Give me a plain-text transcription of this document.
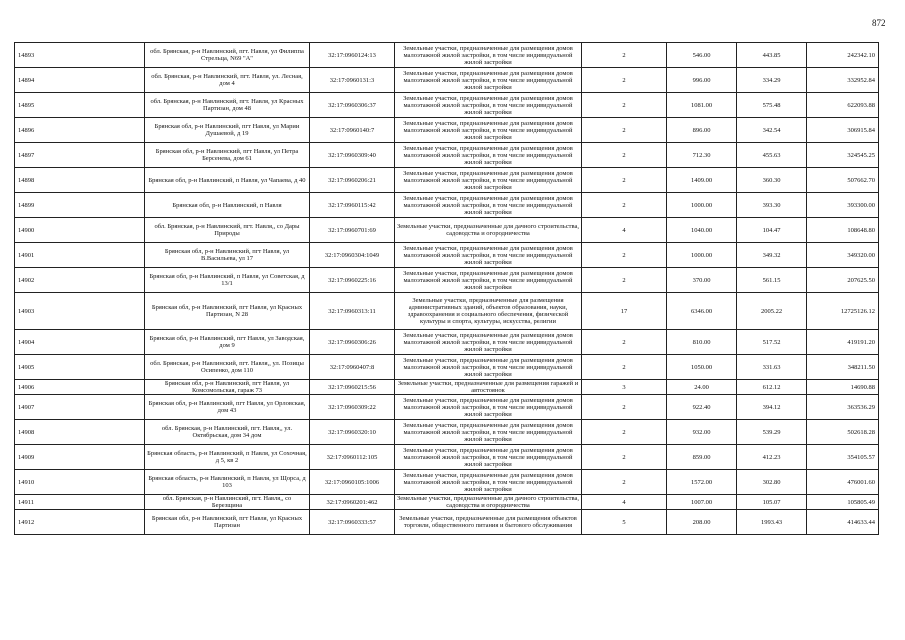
872
14893	обл. Брянская, р-н Навлинский, пгт. Навля, ул Филиппа Стрельца, N69 "А"	32:17:0960124:13	Земельные участки, предназначенные для размещения домов малоэтажной жилой застройки, в том числе индивидуальной жилой застройки	2	546.00	443.85	242342.10
14894	обл. Брянская, р-н Навлинский, пгт. Навля, ул. Лесная, дом 4	32:17:0960131:3	Земельные участки, предназначенные для размещения домов малоэтажной жилой застройки, в том числе индивидуальной жилой застройки	2	996.00	334.29	332952.84
14895	обл. Брянская, р-н Навлинский, пгт. Навля, ул Красных Партизан, дом 48	32:17:0960306:37	Земельные участки, предназначенные для размещения домов малоэтажной жилой застройки, в том числе индивидуальной жилой застройки	2	1081.00	575.48	622093.88
14896	Брянская обл, р-н Навлинский, пгт Навля, ул Марии Душаевой, д 19	32:17:0960140:7	Земельные участки, предназначенные для размещения домов малоэтажной жилой застройки, в том числе индивидуальной жилой застройки	2	896.00	342.54	306915.84
14897	Брянская обл, р-н Навлинский, пгт Навля, ул Петра Берсенева, дом 61	32:17:0960309:40	Земельные участки, предназначенные для размещения домов малоэтажной жилой застройки, в том числе индивидуальной жилой застройки	2	712.30	455.63	324545.25
14898	Брянская обл, р-н Навлинский, п Навля, ул Чапаева, д 40	32:17:0960206:21	Земельные участки, предназначенные для размещения домов малоэтажной жилой застройки, в том числе индивидуальной жилой застройки	2	1409.00	360.30	507662.70
14899	Брянская обл, р-н Навлинский, п Навля	32:17:0960115:42	Земельные участки, предназначенные для размещения домов малоэтажной жилой застройки, в том числе индивидуальной жилой застройки	2	1000.00	393.30	393300.00
14900	обл. Брянская, р-н Навлинский, пгт. Навля,, сo Дары Природы	32:17:0960701:69	Земельные участки, предназначенные для дачного строительства, садоводства и огородничества	4	1040.00	104.47	108648.80
14901	Брянская обл, р-н Навлинский, пгт Навля, ул В.Васильева, ул 17	32:17:0960304:1049	Земельные участки, предназначенные для размещения домов малоэтажной жилой застройки, в том числе индивидуальной жилой застройки	2	1000.00	349.32	349320.00
14902	Брянская обл, р-н Навлинский, п Навля, ул Советская, д 13/1	32:17:0960225:16	Земельные участки, предназначенные для размещения домов малоэтажной жилой застройки, в том числе индивидуальной жилой застройки	2	370.00	561.15	207625.50
14903	Брянская обл, р-н Навлинский, пгт Навля, ул Красных Партизан, N 28	32:17:0960313:11	Земельные участки, предназначенные для размещения административных зданий, объектов образования, науки, здравоохранения и социального обеспечения, физической культуры и спорта, культуры, искусства, религии	17	6346.00	2005.22	12725126.12
14904	Брянская обл, р-н Навлинский, пгт Навля, ул Заводская, дом 9	32:17:0960306:26	Земельные участки, предназначенные для размещения домов малоэтажной жилой застройки, в том числе индивидуальной жилой застройки	2	810.00	517.52	419191.20
14905	обл. Брянская, р-н Навлинский, пгт. Навля,, ул. Позицы Осипенко, дом 110	32:17:0960407:8	Земельные участки, предназначенные для размещения домов малоэтажной жилой застройки, в том числе индивидуальной жилой застройки	2	1050.00	331.63	348211.50
14906	Брянская обл, р-н Навлинский, пгт Навля, ул Комсомольская, гараж 73	32:17:0960215:56	Земельные участки, предназначенные для размещения гаражей и автостоянок	3	24.00	612.12	14690.88
14907	Брянская обл, р-н Навлинский, пгт Навля, ул Орловская, дом 43	32:17:0960309:22	Земельные участки, предназначенные для размещения домов малоэтажной жилой застройки, в том числе индивидуальной жилой застройки	2	922.40	394.12	363536.29
14908	обл. Брянская, р-н Навлинский, пгт. Навля,, ул. Октябрьская, дом 34 дом	32:17:0960320:10	Земельные участки, предназначенные для размещения домов малоэтажной жилой застройки, в том числе индивидуальной жилой застройки	2	932.00	539.29	502618.28
14909	Брянская область, р-н Навлинский, п Навля, ул Сохочная, д 5, кв 2	32:17:0960112:105	Земельные участки, предназначенные для размещения домов малоэтажной жилой застройки, в том числе индивидуальной жилой застройки	2	859.00	412.23	354105.57
14910	Брянская область, р-н Навлинский, п Навля, ул Щорса, д 103	32:17:0960105:1006	Земельные участки, предназначенные для размещения домов малоэтажной жилой застройки, в том числе индивидуальной жилой застройки	2	1572.00	302.80	476001.60
14911	обл. Брянская, р-н Навлинский, пгт. Навля,, сo Березщина	32:17:0960201:462	Земельные участки, предназначенные для дачного строительства, садоводства и огородничества	4	1007.00	105.07	105805.49
14912	Брянская обл, р-н Навлинский, пгт Навля, ул Красных Партизан	32:17:0960333:57	Земельные участки, предназначенные для размещения объектов торговли, общественного питания и бытового обслуживания	5	208.00	1993.43	414633.44
